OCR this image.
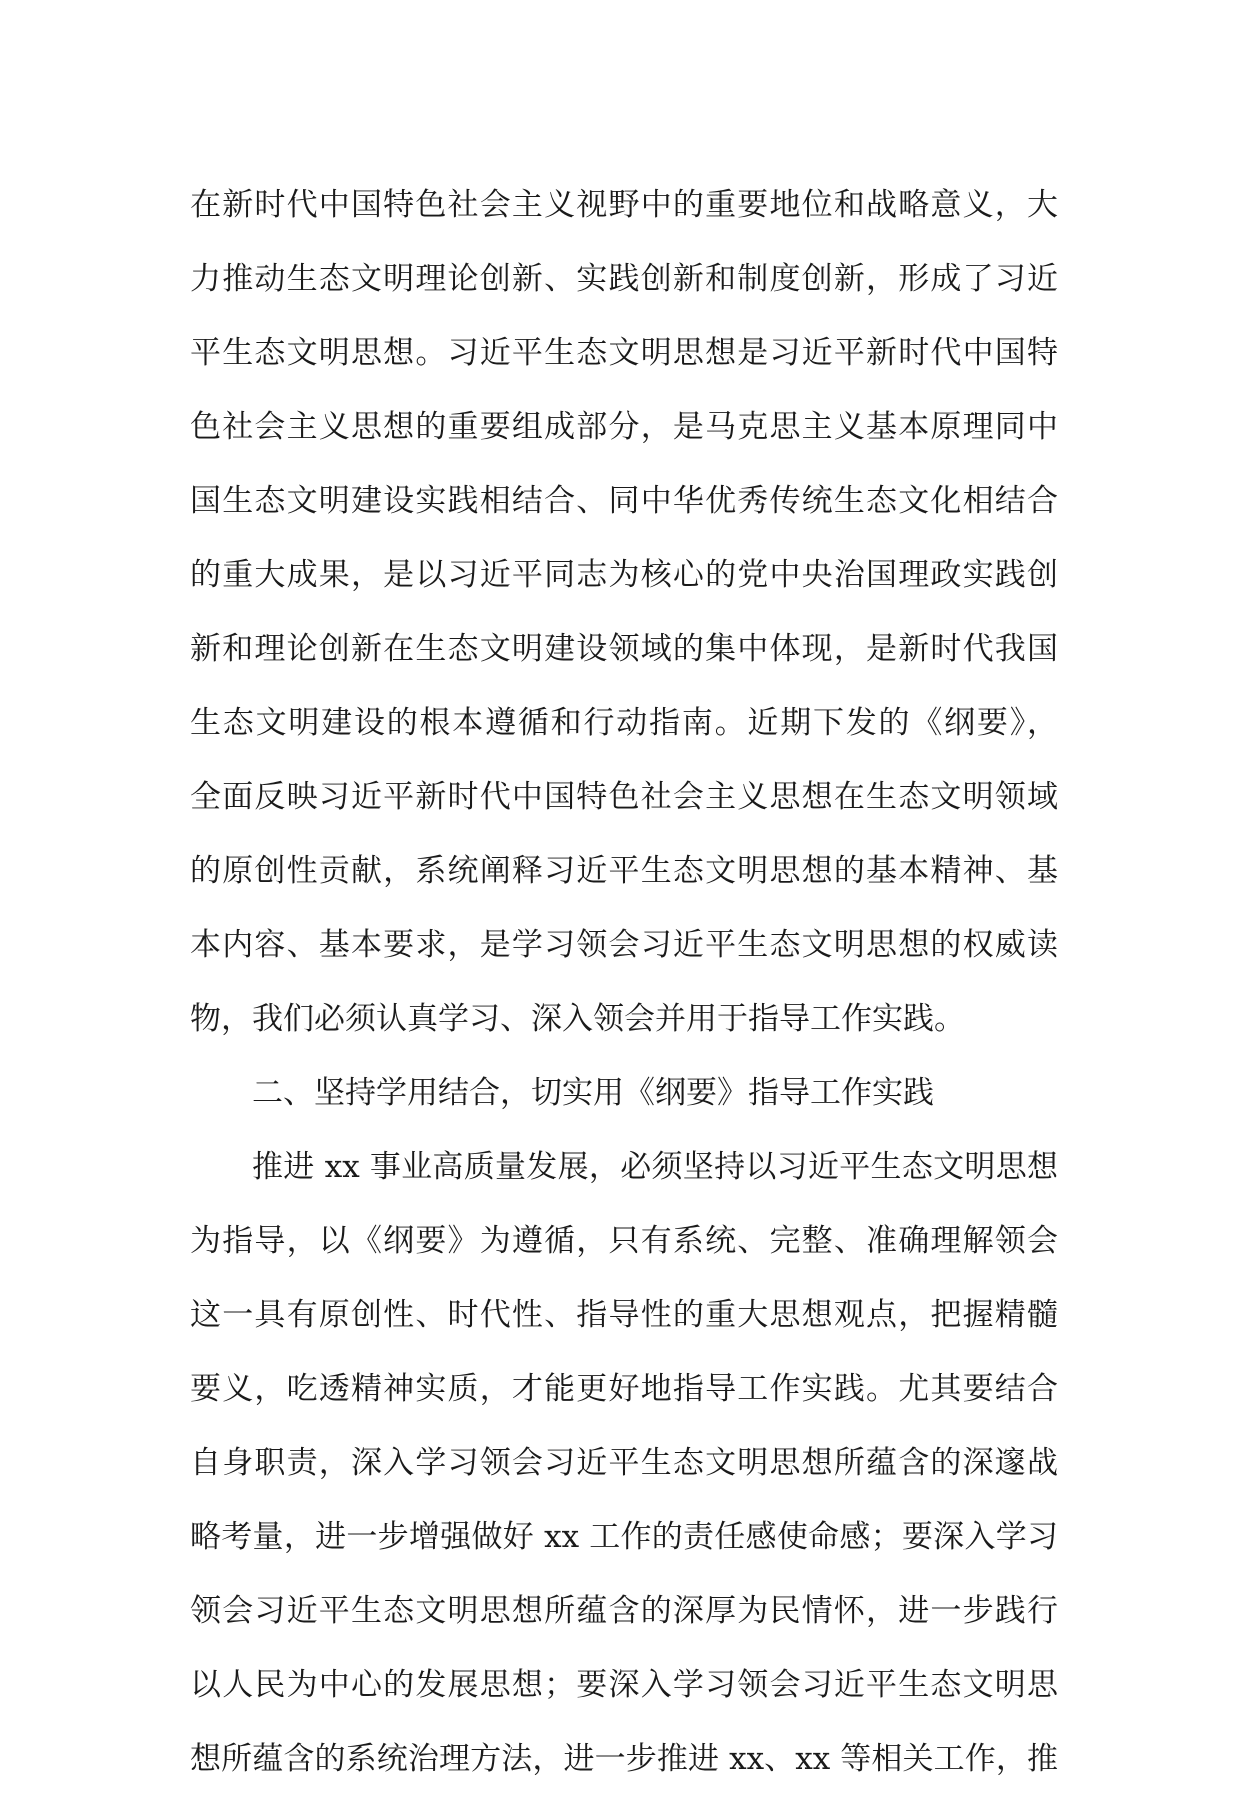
在新时代中国特色社会主义视野中的重要地位和战略意义，大
力推动生态文明理论创新、实践创新和制度创新，形成了习近
平生态文明思想。习近平生态文明思想是习近平新时代中国特
色社会主义思想的重要组成部分，是马克思主义基本原理同中
国生态文明建设实践相结合、同中华优秀传统生态文化相结合
的重大成果，是以习近平同志为核心的党中央治国理政实践创
新和理论创新在生态文明建设领域的集中体现，是新时代我国
生态文明建设的根本遵循和行动指南。近期下发的《纲要》，
全面反映习近平新时代中国特色社会主义思想在生态文明领域
的原创性贡献，系统阐释习近平生态文明思想的基本精神、基
本内容、基本要求，是学习领会习近平生态文明思想的权威读
物，我们必须认真学习、深入领会并用于指导工作实践。
二、坚持学用结合，切实用《纲要》指导工作实践
推进 xx 事业高质量发展，必须坚持以习近平生态文明思想
为指导，以《纲要》为遵循，只有系统、完整、准确理解领会
这一具有原创性、时代性、指导性的重大思想观点，把握精髓
要义，吃透精神实质，才能更好地指导工作实践。尤其要结合
自身职责，深入学习领会习近平生态文明思想所蕴含的深邃战
略考量，进一步增强做好 xx 工作的责任感使命感；要深入学习
领会习近平生态文明思想所蕴含的深厚为民情怀，进一步践行
以人民为中心的发展思想；要深入学习领会习近平生态文明思
想所蕴含的系统治理方法，进一步推进 xx、xx 等相关工作，推
